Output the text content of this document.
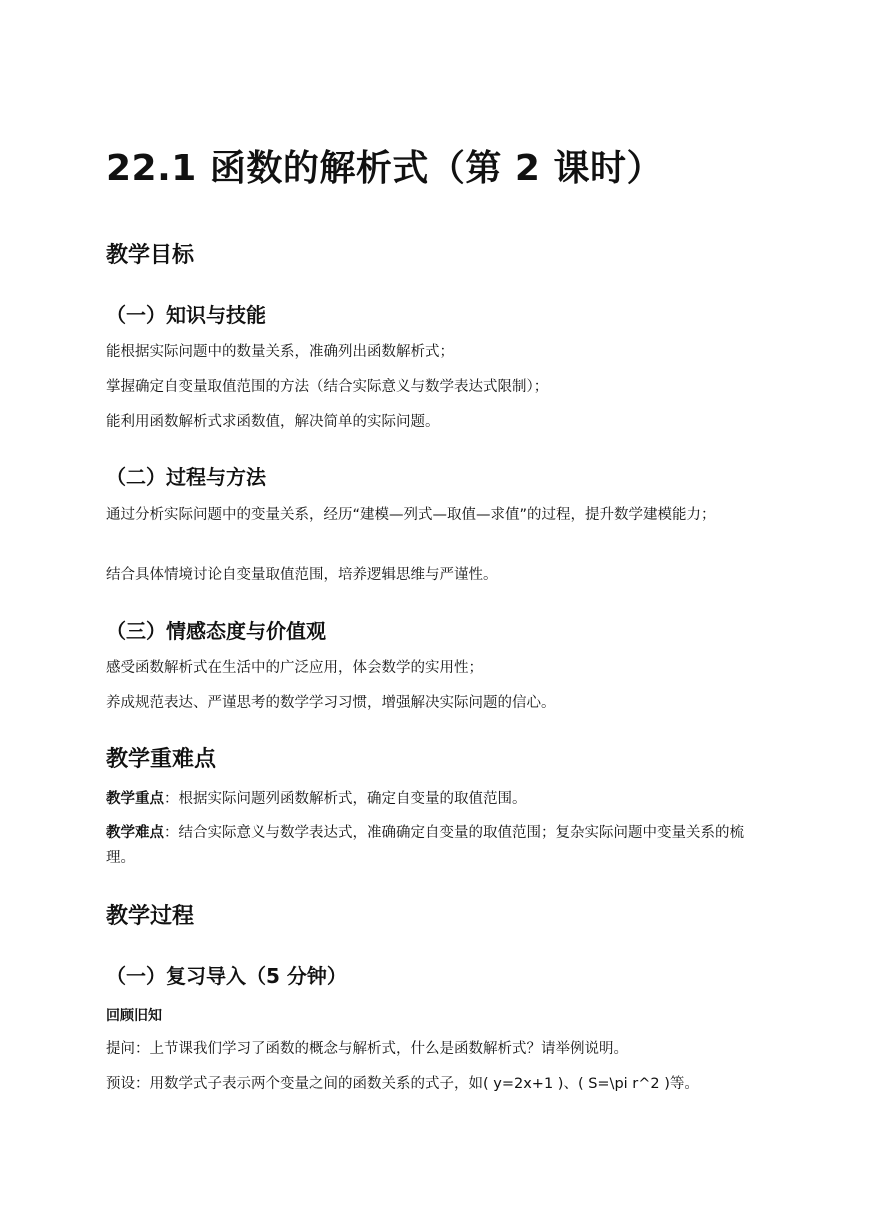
22.1 函数的解析式（第 2 课时）
教学目标
（一）知识与技能

能根据实际问题中的数量关系，准确列出函数解析式；

掌握确定自变量取值范围的方法（结合实际意义与数学表达式限制）；

能利用函数解析式求函数值，解决简单的实际问题。

（二）过程与方法

通过分析实际问题中的变量关系，经历“建模—列式—取值—求值”的过程，提升数学建模能力；

结合具体情境讨论自变量取值范围，培养逻辑思维与严谨性。

（三）情感态度与价值观

感受函数解析式在生活中的广泛应用，体会数学的实用性；

养成规范表达、严谨思考的数学学习习惯，增强解决实际问题的信心。

教学重难点

教学重点：根据实际问题列函数解析式，确定自变量的取值范围。

教学难点：结合实际意义与数学表达式，准确确定自变量的取值范围；复杂实际问题中变量关系的梳理。

教学过程
（一）复习导入（5 分钟）
回顾旧知

提问：上节课我们学习了函数的概念与解析式，什么是函数解析式？请举例说明。

预设：用数学式子表示两个变量之间的函数关系的式子，如( y=2x+1 )、( S=\pi r^2 )等。
